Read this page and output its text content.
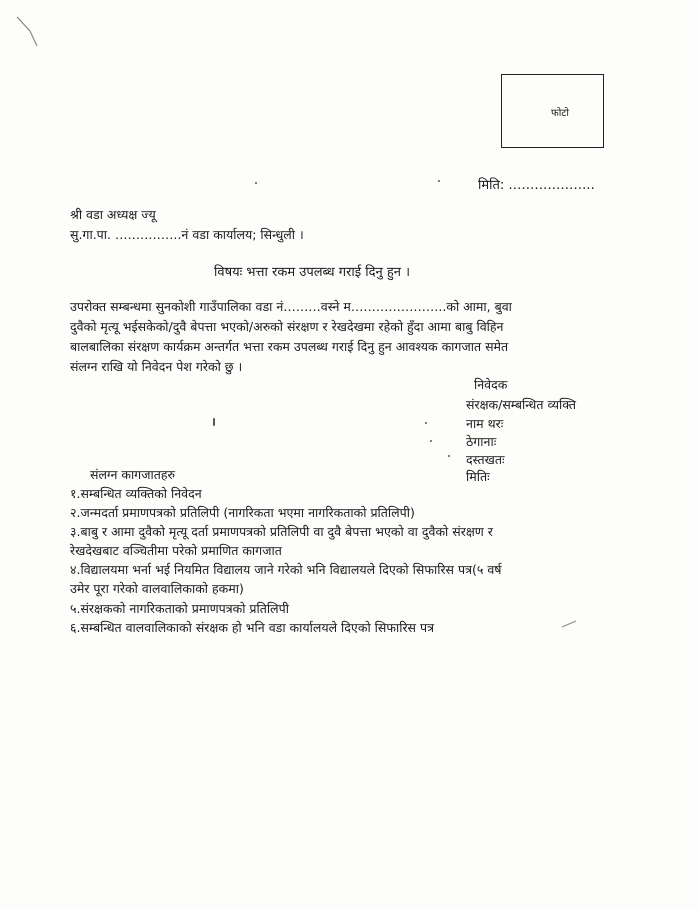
फोटो
मिति: ………………..
श्री वडा अध्यक्ष ज्यू
सु.गा.पा. …………….नं वडा कार्यालय; सिन्धुली ।
विषयः भत्ता रकम उपलब्ध गराई दिनु हुन ।
उपरोक्त सम्बन्धमा सुनकोशी गाउँपालिका वडा नं………वस्ने म…………………..को आमा, बुवा
दुवैको मृत्यू भईसकेको/दुवै बेपत्ता भएको/अरुको संरक्षण र रेखदेखमा रहेको हुँदा आमा बाबु विहिन
बालबालिका संरक्षण कार्यक्रम अन्तर्गत भत्ता रकम उपलब्ध गराई दिनु हुन आवश्यक कागजात समेत
संलग्न राखि यो निवेदन पेश गरेको छु ।
निवेदक
संरक्षक/सम्बन्धित व्यक्ति
नाम थरः
ठेगानाः
दस्तखतः
मितिः
संलग्न कागजातहरु
१.सम्बन्धित व्यक्तिको निवेदन
२.जन्मदर्ता प्रमाणपत्रको प्रतिलिपी (नागरिकता भएमा नागरिकताको प्रतिलिपी)
३.बाबु र आमा दुवैको मृत्यू दर्ता प्रमाणपत्रको प्रतिलिपी वा दुवै बेपत्ता भएको वा दुवैको संरक्षण र
रेखदेखबाट वञ्चितीमा परेको प्रमाणित कागजात
४.विद्यालयमा भर्ना भई नियमित विद्यालय जाने गरेको भनि विद्यालयले दिएको सिफारिस पत्र(५ वर्ष
उमेर पूरा गरेको वालवालिकाको हकमा)
५.संरक्षकको नागरिकताको प्रमाणपत्रको प्रतिलिपी
६.सम्बन्धित वालवालिकाको संरक्षक हो भनि वडा कार्यालयले दिएको सिफारिस पत्र
